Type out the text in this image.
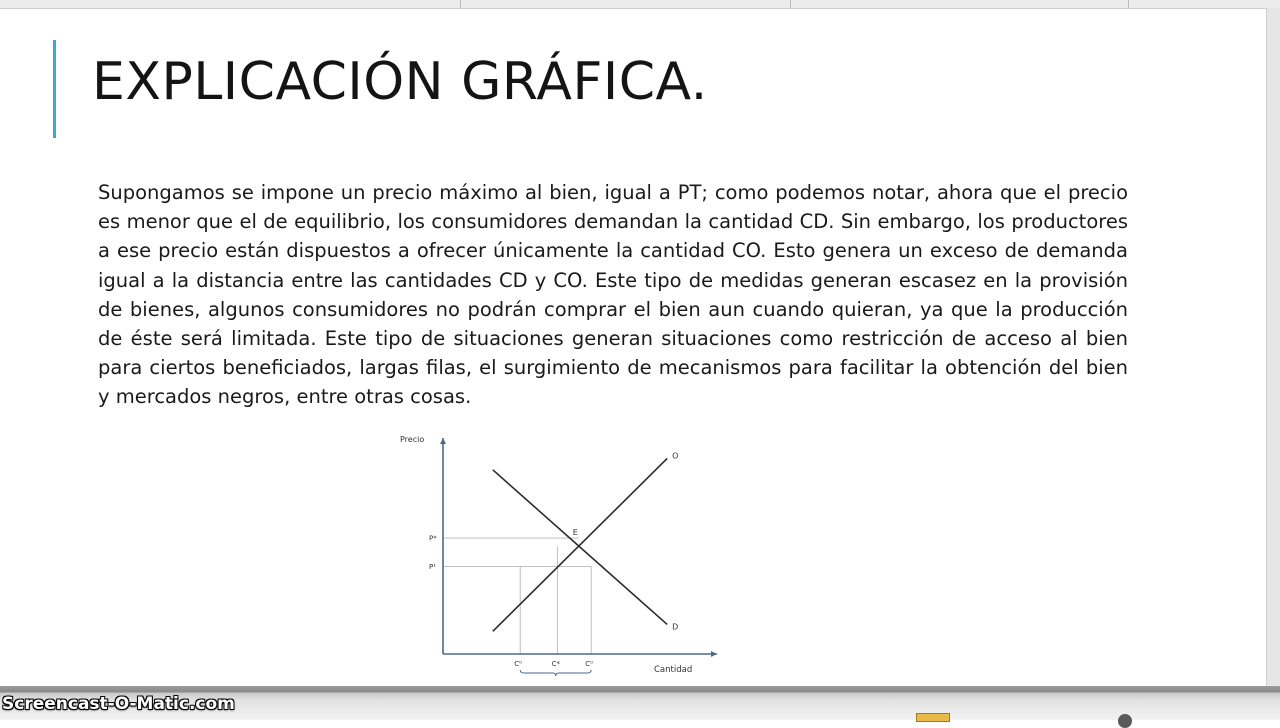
EXPLICACIÓN GRÁFICA.

Supongamos se impone un precio máximo al bien, igual a PT; como podemos notar, ahora que el precio es menor que el de equilibrio, los consumidores demandan la cantidad CD. Sin embargo, los productores a ese precio están dispuestos a ofrecer únicamente la cantidad CO. Esto genera un exceso de demanda igual a la distancia entre las cantidades CD y CO. Este tipo de medidas generan escasez en la provisión de bienes, algunos consumidores no podrán comprar el bien aun cuando quieran, ya que la producción de éste será limitada. Este tipo de situaciones generan situaciones como restricción de acceso al bien para ciertos beneficiados, largas filas, el surgimiento de mecanismos para facilitar la obtención del bien y mercados negros, entre otras cosas.

P*
P¹
C⁰	C*	C⁰
O
D
E
Precio
Cantidad
Screencast-O-Matic.com
